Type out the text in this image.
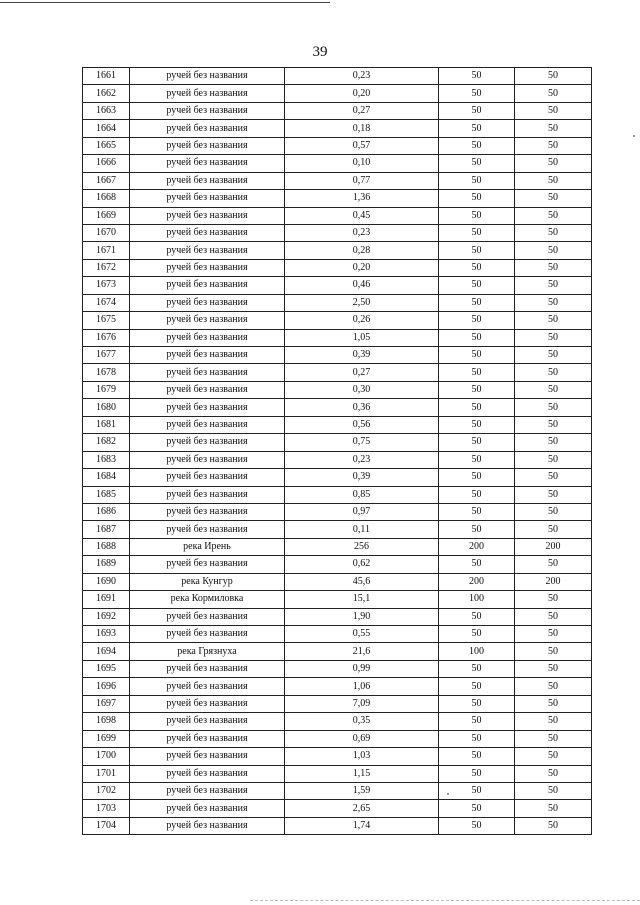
39
1661	ручей без названия	0,23	50	50
1662	ручей без названия	0,20	50	50
1663	ручей без названия	0,27	50	50
1664	ручей без названия	0,18	50	50
1665	ручей без названия	0,57	50	50
1666	ручей без названия	0,10	50	50
1667	ручей без названия	0,77	50	50
1668	ручей без названия	1,36	50	50
1669	ручей без названия	0,45	50	50
1670	ручей без названия	0,23	50	50
1671	ручей без названия	0,28	50	50
1672	ручей без названия	0,20	50	50
1673	ручей без названия	0,46	50	50
1674	ручей без названия	2,50	50	50
1675	ручей без названия	0,26	50	50
1676	ручей без названия	1,05	50	50
1677	ручей без названия	0,39	50	50
1678	ручей без названия	0,27	50	50
1679	ручей без названия	0,30	50	50
1680	ручей без названия	0,36	50	50
1681	ручей без названия	0,56	50	50
1682	ручей без названия	0,75	50	50
1683	ручей без названия	0,23	50	50
1684	ручей без названия	0,39	50	50
1685	ручей без названия	0,85	50	50
1686	ручей без названия	0,97	50	50
1687	ручей без названия	0,11	50	50
1688	река Ирень	256	200	200
1689	ручей без названия	0,62	50	50
1690	река Кунгур	45,6	200	200
1691	река Кормиловка	15,1	100	50
1692	ручей без названия	1,90	50	50
1693	ручей без названия	0,55	50	50
1694	река Грязнуха	21,6	100	50
1695	ручей без названия	0,99	50	50
1696	ручей без названия	1,06	50	50
1697	ручей без названия	7,09	50	50
1698	ручей без названия	0,35	50	50
1699	ручей без названия	0,69	50	50
1700	ручей без названия	1,03	50	50
1701	ручей без названия	1,15	50	50
1702	ручей без названия	1,59	50	50
1703	ручей без названия	2,65	50	50
1704	ручей без названия	1,74	50	50
